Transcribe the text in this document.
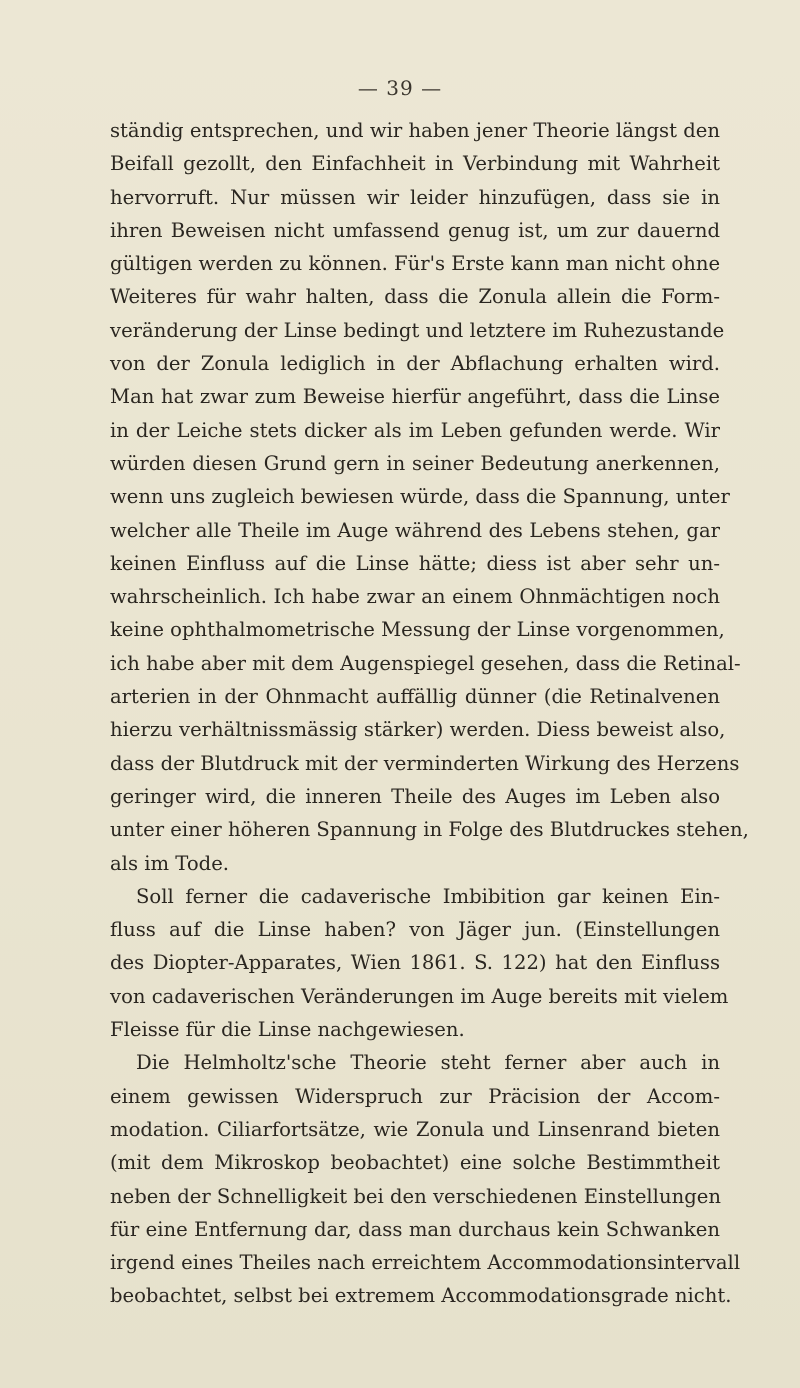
— 39 —
ständig entsprechen, und wir haben jener Theorie längst den
Beifall gezollt, den Einfachheit in Verbindung mit Wahrheit
hervorruft. Nur müssen wir leider hinzufügen, dass sie in
ihren Beweisen nicht umfassend genug ist, um zur dauernd
gültigen werden zu können. Für's Erste kann man nicht ohne
Weiteres für wahr halten, dass die Zonula allein die Form-
veränderung der Linse bedingt und letztere im Ruhezustande
von der Zonula lediglich in der Abflachung erhalten wird.
Man hat zwar zum Beweise hierfür angeführt, dass die Linse
in der Leiche stets dicker als im Leben gefunden werde. Wir
würden diesen Grund gern in seiner Bedeutung anerkennen,
wenn uns zugleich bewiesen würde, dass die Spannung, unter
welcher alle Theile im Auge während des Lebens stehen, gar
keinen Einfluss auf die Linse hätte; diess ist aber sehr un-
wahrscheinlich. Ich habe zwar an einem Ohnmächtigen noch
keine ophthalmometrische Messung der Linse vorgenommen,
ich habe aber mit dem Augenspiegel gesehen, dass die Retinal-
arterien in der Ohnmacht auffällig dünner (die Retinalvenen
hierzu verhältnissmässig stärker) werden. Diess beweist also,
dass der Blutdruck mit der verminderten Wirkung des Herzens
geringer wird, die inneren Theile des Auges im Leben also
unter einer höheren Spannung in Folge des Blutdruckes stehen,
als im Tode.
Soll ferner die cadaverische Imbibition gar keinen Ein-
fluss auf die Linse haben? von Jäger jun. (Einstellungen
des Diopter-Apparates, Wien 1861. S. 122) hat den Einfluss
von cadaverischen Veränderungen im Auge bereits mit vielem
Fleisse für die Linse nachgewiesen.
Die Helmholtz'sche Theorie steht ferner aber auch in
einem gewissen Widerspruch zur Präcision der Accom-
modation. Ciliarfortsätze, wie Zonula und Linsenrand bieten
(mit dem Mikroskop beobachtet) eine solche Bestimmtheit
neben der Schnelligkeit bei den verschiedenen Einstellungen
für eine Entfernung dar, dass man durchaus kein Schwanken
irgend eines Theiles nach erreichtem Accommodationsintervall
beobachtet, selbst bei extremem Accommodationsgrade nicht.
